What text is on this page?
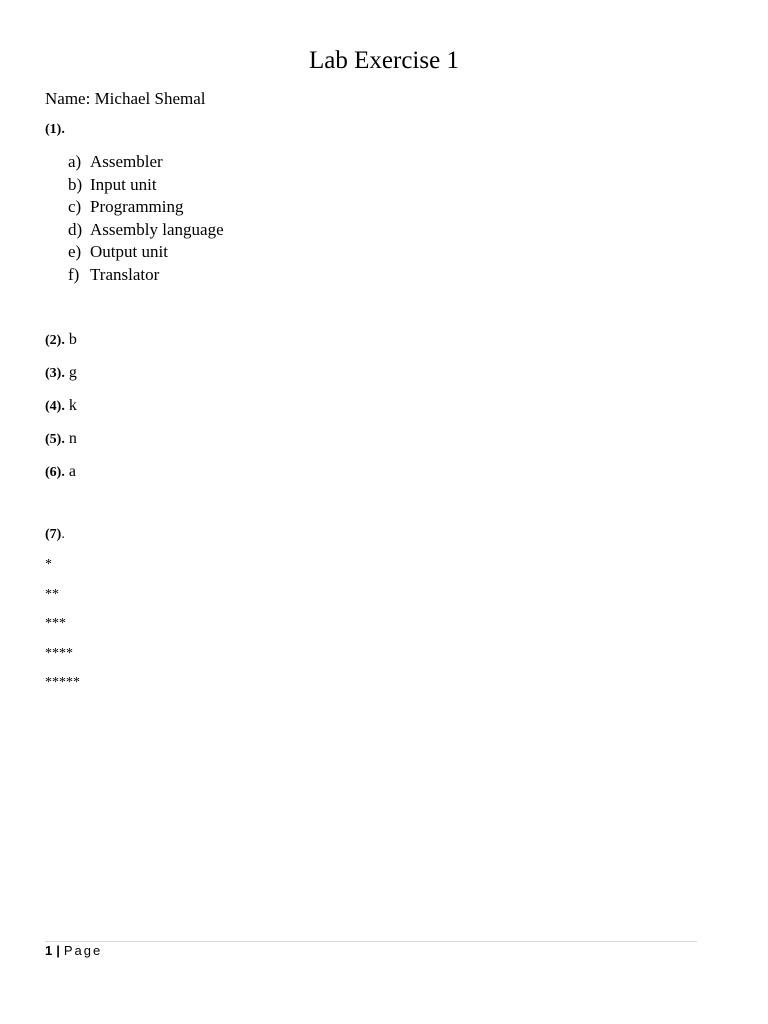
Lab Exercise 1
Name: Michael Shemal
(1).
a) Assembler
b) Input unit
c) Programming
d) Assembly language
e) Output unit
f) Translator
(2). b
(3). g
(4). k
(5). n
(6). a
(7).
*
**
***
****
*****
1 | Page
